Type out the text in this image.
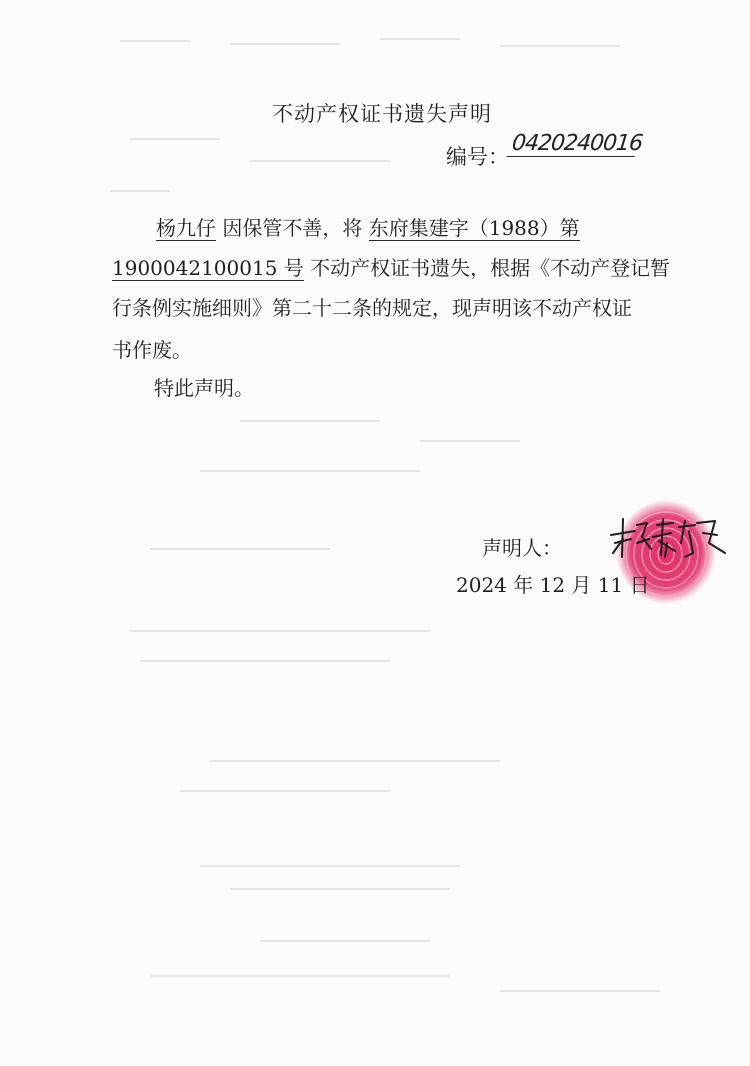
不动产权证书遗失声明
编号：
0420240016
杨九仔 因保管不善，将 东府集建字（1988）第
1900042100015 号 不动产权证书遗失，根据《不动产登记暂
行条例实施细则》第二十二条的规定，现声明该不动产权证
书作废。
特此声明。
声明人：
2024 年 12 月 11 日
